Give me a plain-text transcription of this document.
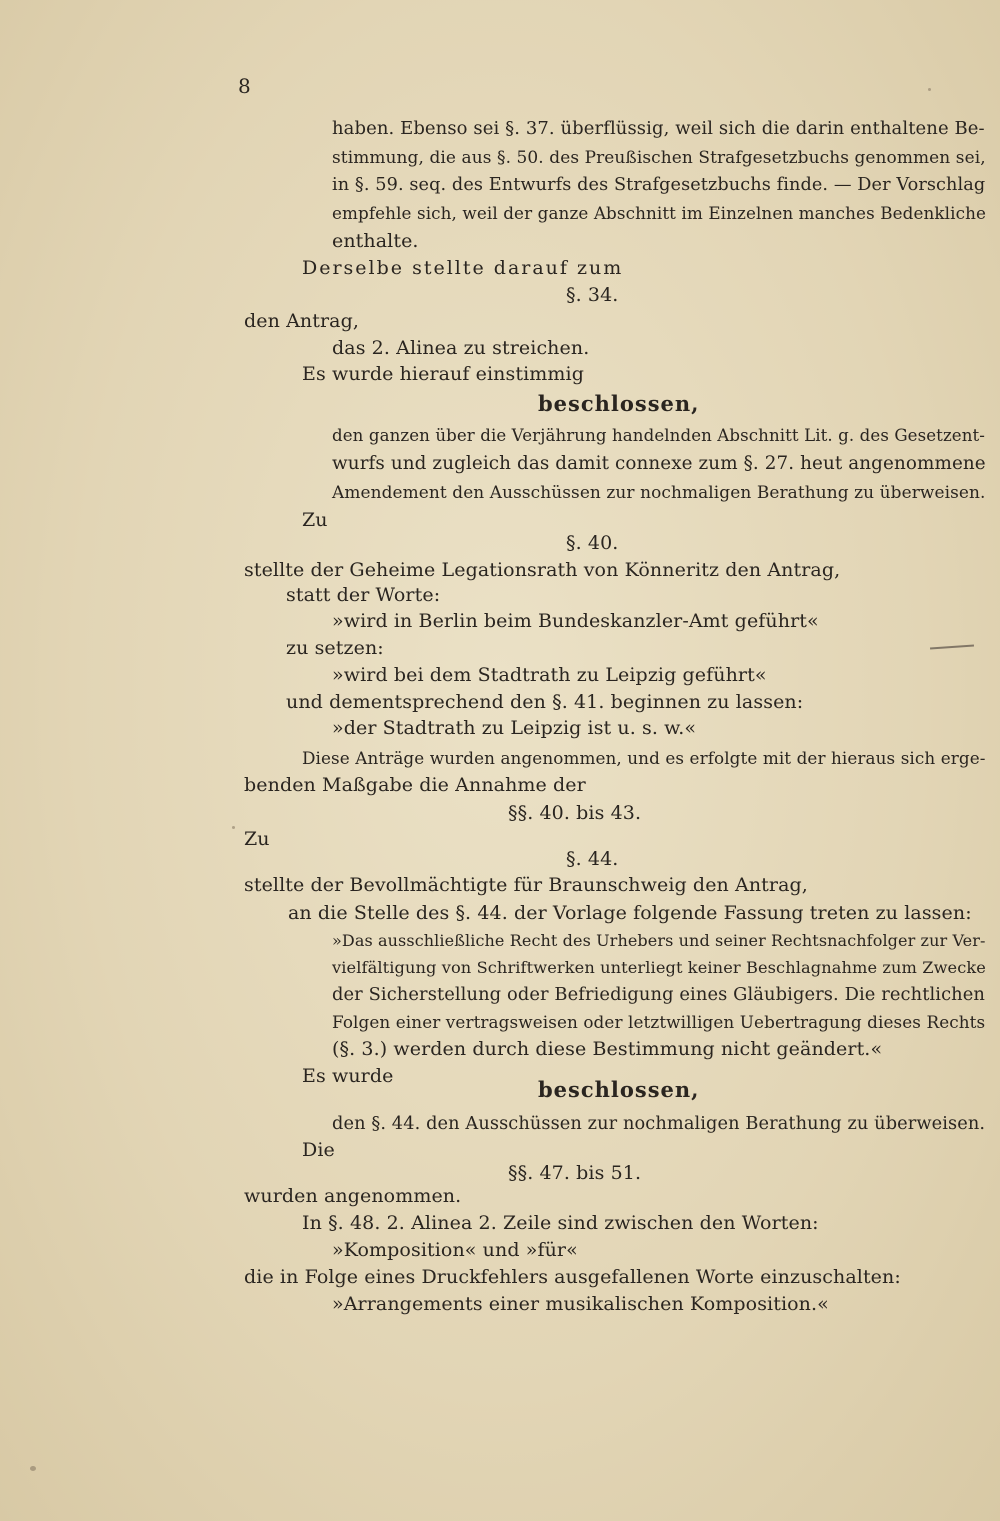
8
haben. Ebenso sei §. 37. überflüssig, weil sich die darin enthaltene Be-
stimmung, die aus §. 50. des Preußischen Strafgesetzbuchs genommen sei,
in §. 59. seq. des Entwurfs des Strafgesetzbuchs finde. — Der Vorschlag
empfehle sich, weil der ganze Abschnitt im Einzelnen manches Bedenkliche
enthalte.
Derselbe stellte darauf zum
§. 34.
den Antrag,
das 2. Alinea zu streichen.
Es wurde hierauf einstimmig
beschlossen,
den ganzen über die Verjährung handelnden Abschnitt Lit. g. des Gesetzent-
wurfs und zugleich das damit connexe zum §. 27. heut angenommene
Amendement den Ausschüssen zur nochmaligen Berathung zu überweisen.
Zu
§. 40.
stellte der Geheime Legationsrath von Könneritz den Antrag,
statt der Worte:
»wird in Berlin beim Bundeskanzler-Amt geführt«
zu setzen:
»wird bei dem Stadtrath zu Leipzig geführt«
und dementsprechend den §. 41. beginnen zu lassen:
»der Stadtrath zu Leipzig ist u. s. w.«
Diese Anträge wurden angenommen, und es erfolgte mit der hieraus sich erge-
benden Maßgabe die Annahme der
§§. 40. bis 43.
Zu
§. 44.
stellte der Bevollmächtigte für Braunschweig den Antrag,
an die Stelle des §. 44. der Vorlage folgende Fassung treten zu lassen:
»Das ausschließliche Recht des Urhebers und seiner Rechtsnachfolger zur Ver-
vielfältigung von Schriftwerken unterliegt keiner Beschlagnahme zum Zwecke
der Sicherstellung oder Befriedigung eines Gläubigers. Die rechtlichen
Folgen einer vertragsweisen oder letztwilligen Uebertragung dieses Rechts
(§. 3.) werden durch diese Bestimmung nicht geändert.«
Es wurde
beschlossen,
den §. 44. den Ausschüssen zur nochmaligen Berathung zu überweisen.
Die
§§. 47. bis 51.
wurden angenommen.
In §. 48. 2. Alinea 2. Zeile sind zwischen den Worten:
»Komposition« und »für«
die in Folge eines Druckfehlers ausgefallenen Worte einzuschalten:
»Arrangements einer musikalischen Komposition.«
